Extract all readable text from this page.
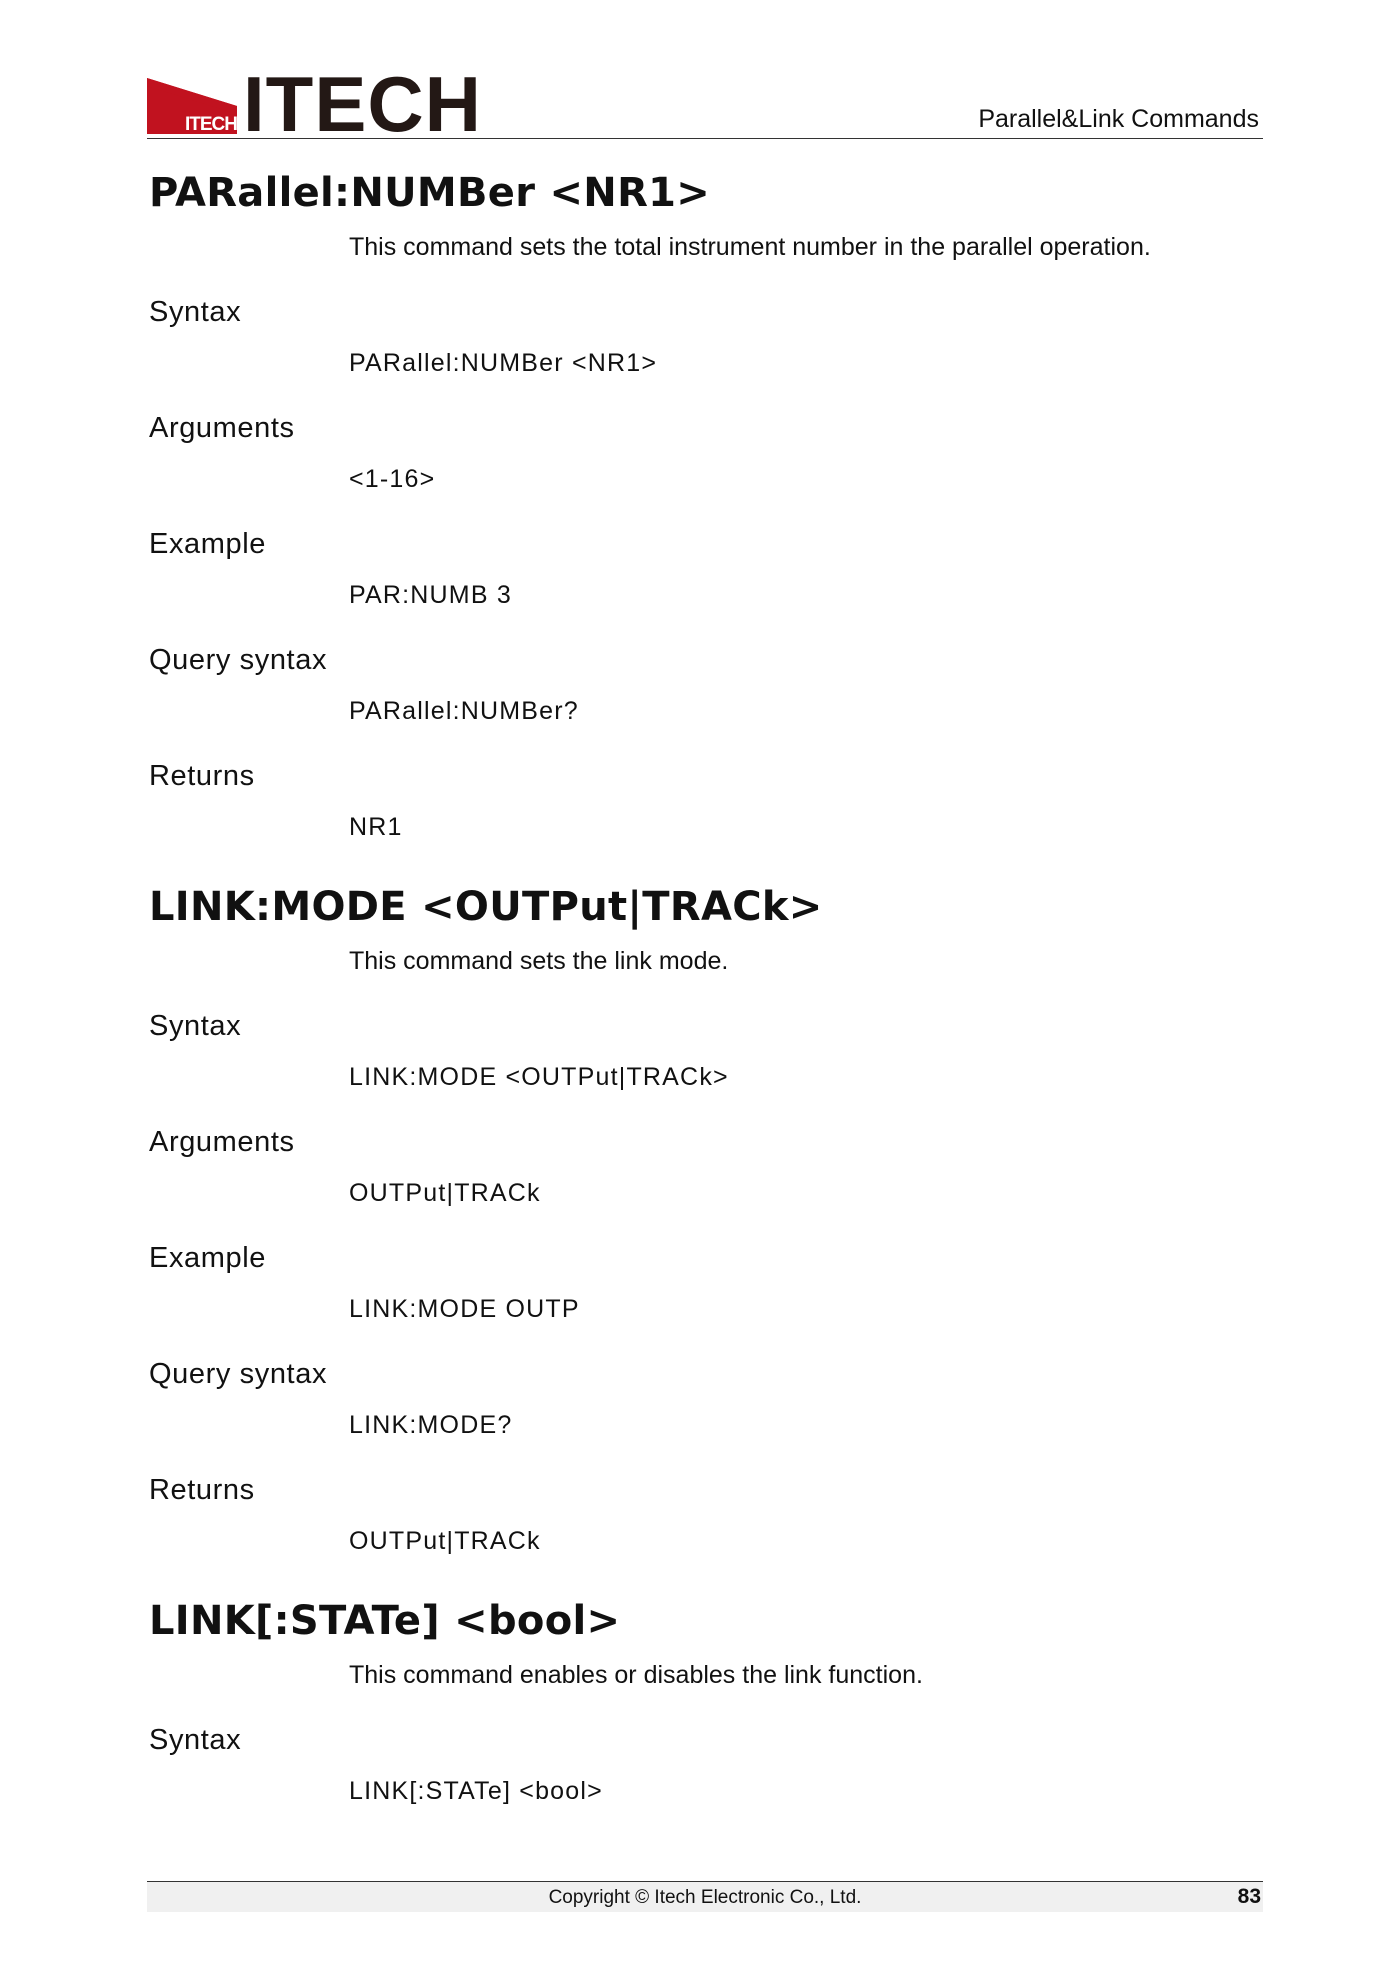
ITECH ITECH	Parallel&Link Commands
PARallel:NUMBer <NR1>
This command sets the total instrument number in the parallel operation.
Syntax
PARallel:NUMBer <NR1>
Arguments
<1-16>
Example
PAR:NUMB 3
Query syntax
PARallel:NUMBer?
Returns
NR1
LINK:MODE <OUTPut|TRACk>
This command sets the link mode.
Syntax
LINK:MODE <OUTPut|TRACk>
Arguments
OUTPut|TRACk
Example
LINK:MODE OUTP
Query syntax
LINK:MODE?
Returns
OUTPut|TRACk
LINK[:STATe] <bool>
This command enables or disables the link function.
Syntax
LINK[:STATe] <bool>
Copyright © Itech Electronic Co., Ltd.	83
